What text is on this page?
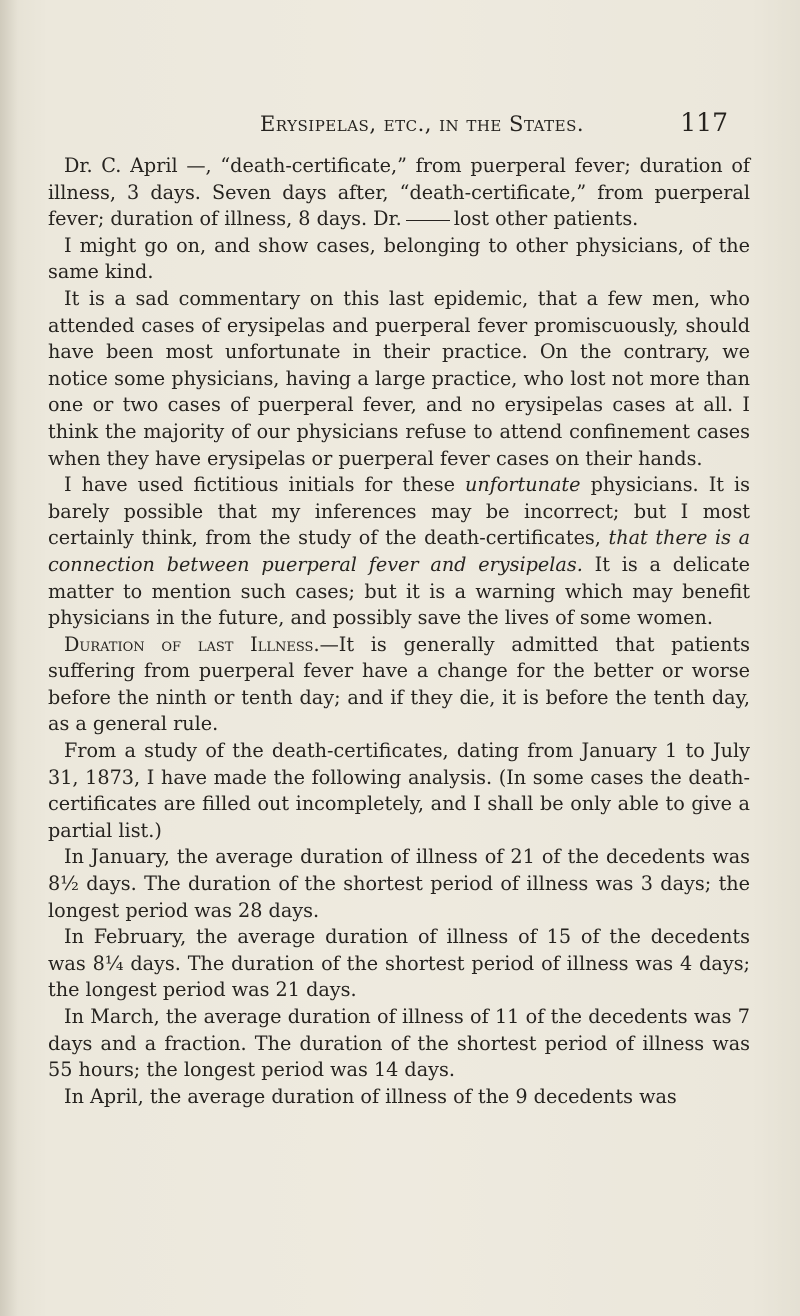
Erysipelas, etc., in the States.	117

Dr. C. April —, “death-certificate,” from puerperal fever; duration of illness, 3 days. Seven days after, “death-certificate,” from puerperal fever; duration of illness, 8 days. Dr.	lost other patients.

I might go on, and show cases, belonging to other physicians, of the same kind.

It is a sad commentary on this last epidemic, that a few men, who attended cases of erysipelas and puerperal fever promiscuously, should have been most unfortunate in their practice. On the contrary, we notice some physicians, having a large practice, who lost not more than one or two cases of puerperal fever, and no erysipelas cases at all. I think the majority of our physicians refuse to attend confinement cases when they have erysipelas or puerperal fever cases on their hands.

I have used fictitious initials for these unfortunate physicians. It is barely possible that my inferences may be incorrect; but I most certainly think, from the study of the death-certificates, that there is a connection between puerperal fever and erysipelas. It is a delicate matter to mention such cases; but it is a warning which may benefit physicians in the future, and possibly save the lives of some women.

Duration of last Illness.—It is generally admitted that patients suffering from puerperal fever have a change for the better or worse before the ninth or tenth day; and if they die, it is before the tenth day, as a general rule.

From a study of the death-certificates, dating from January 1 to July 31, 1873, I have made the following analysis. (In some cases the death-certificates are filled out incompletely, and I shall be only able to give a partial list.)

In January, the average duration of illness of 21 of the decedents was 8½ days. The duration of the shortest period of illness was 3 days; the longest period was 28 days.

In February, the average duration of illness of 15 of the decedents was 8¼ days. The duration of the shortest period of illness was 4 days; the longest period was 21 days.

In March, the average duration of illness of 11 of the decedents was 7 days and a fraction. The duration of the shortest period of illness was 55 hours; the longest period was 14 days.

In April, the average duration of illness of the 9 decedents was
